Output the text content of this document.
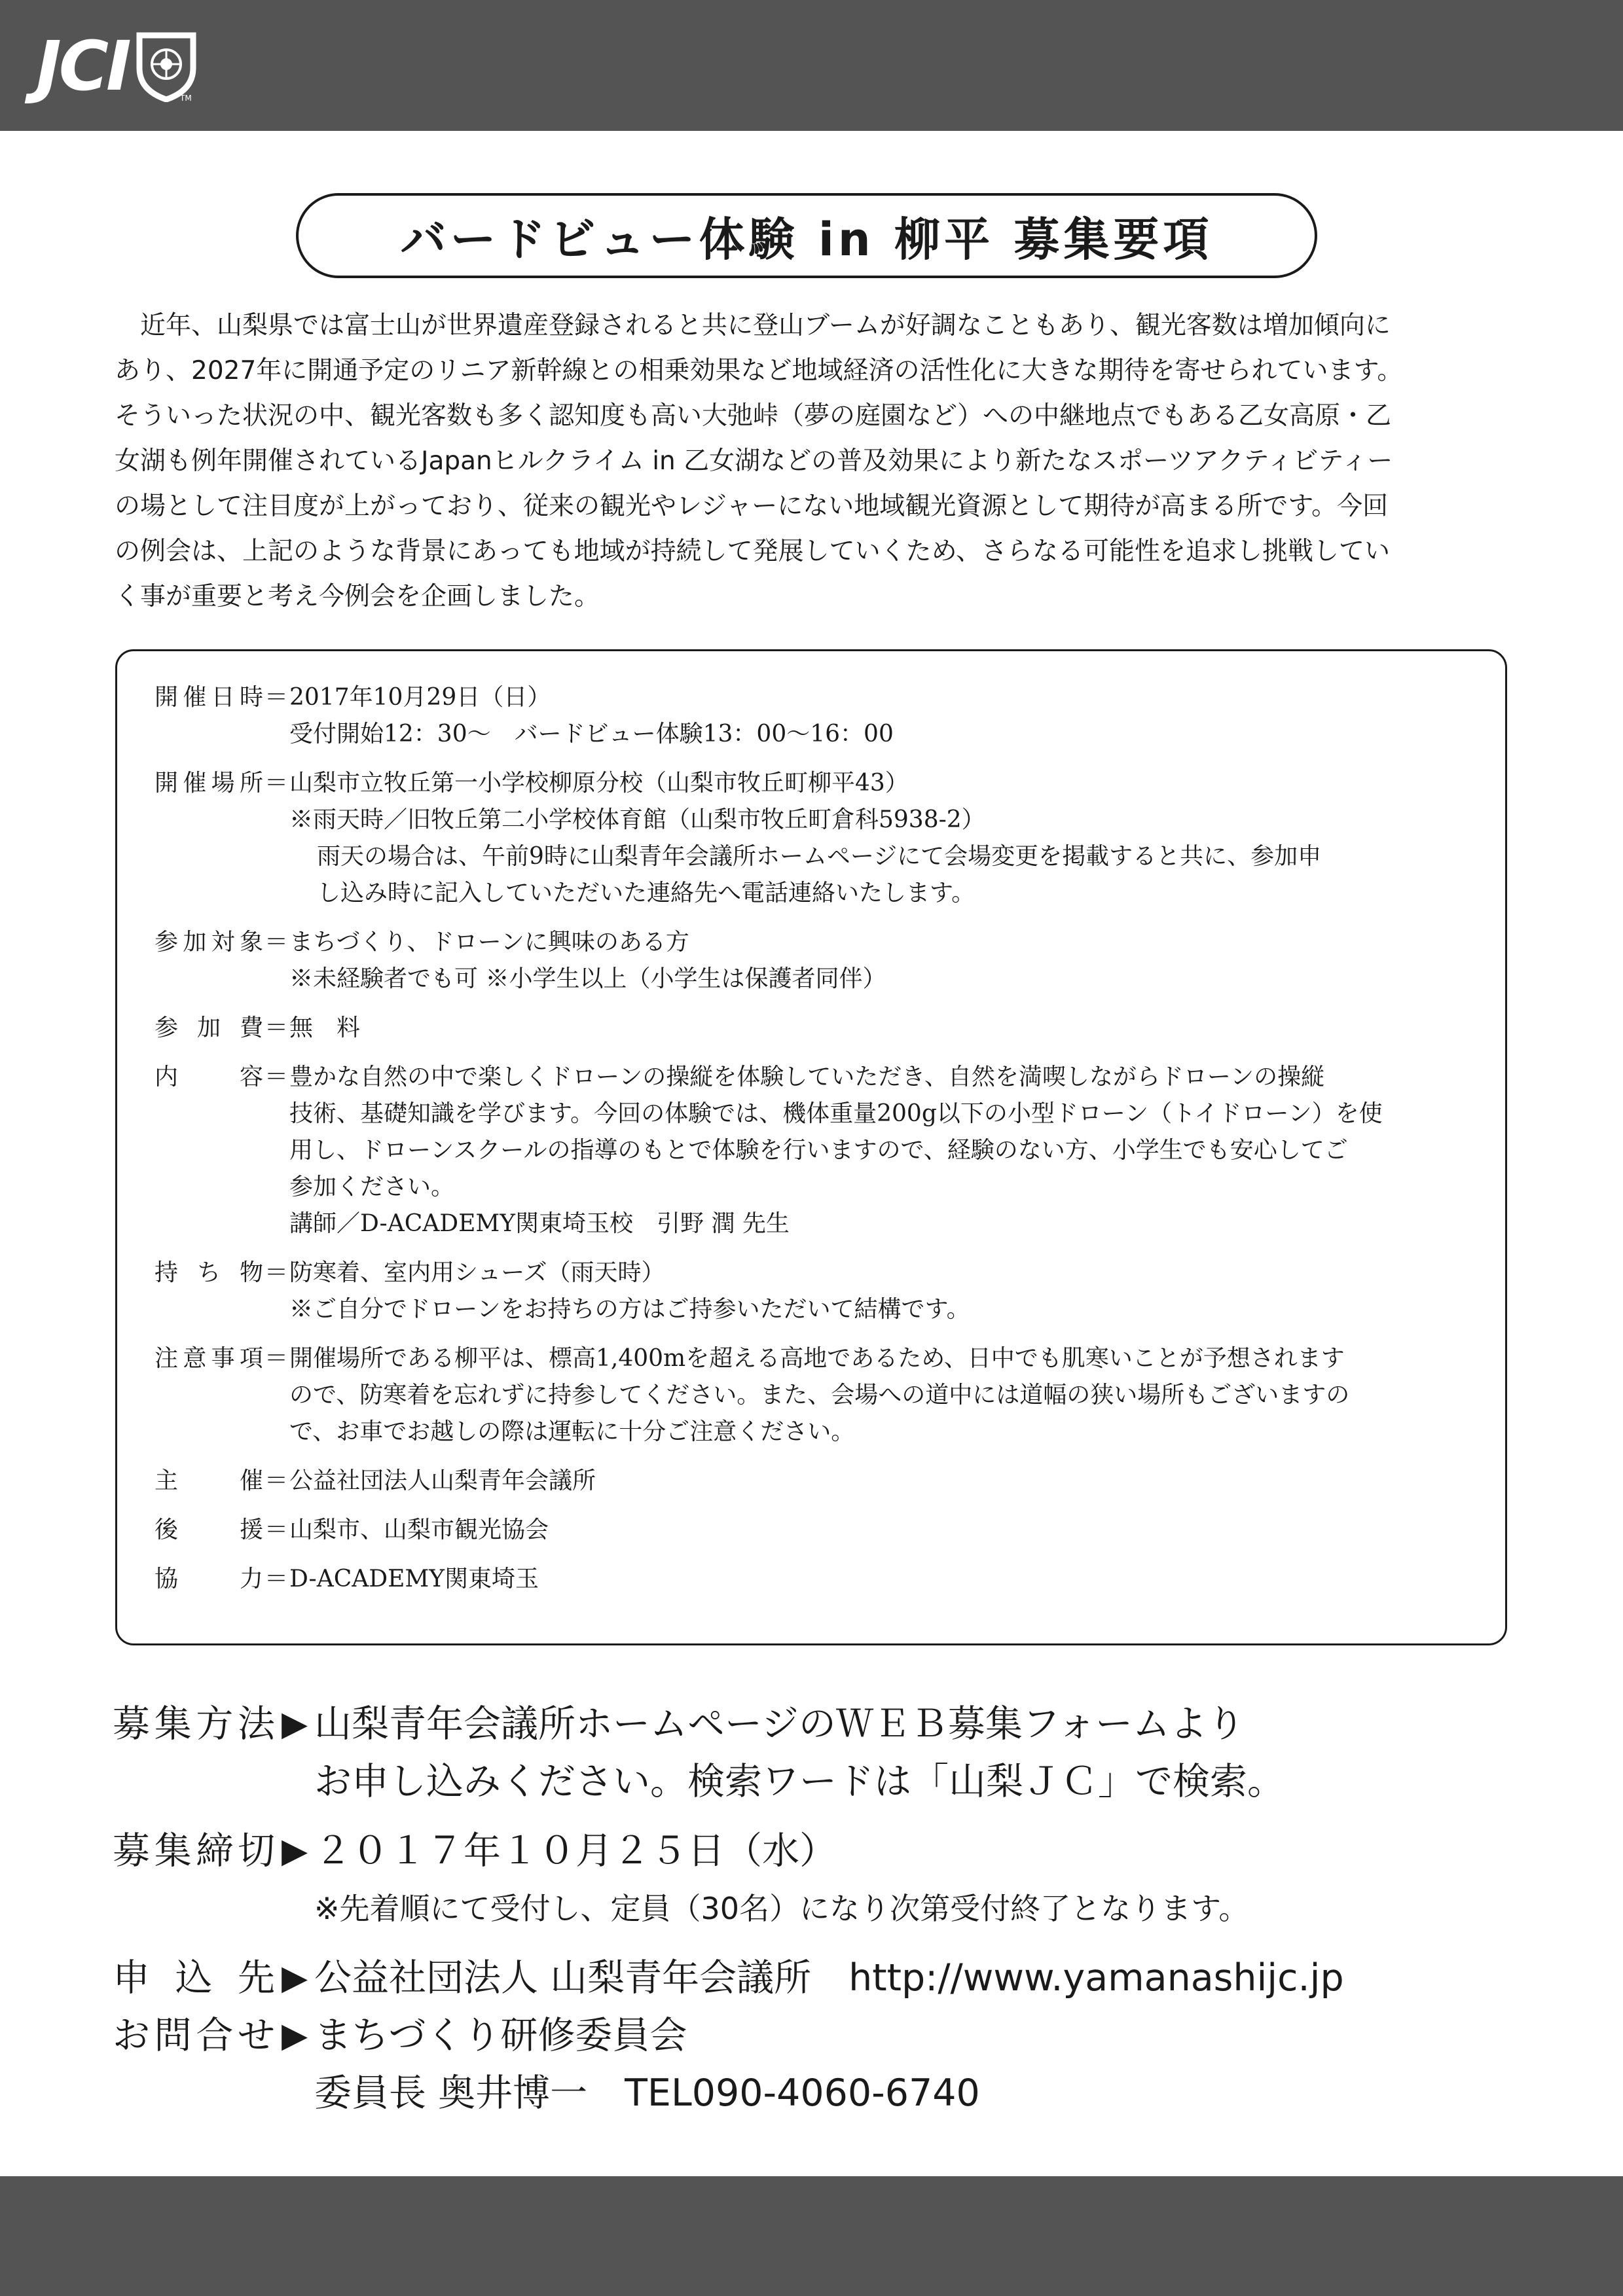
JCI	TM
バードビュー体験 in 柳平 募集要項
　近年、山梨県では富士山が世界遺産登録されると共に登山ブームが好調なこともあり、観光客数は増加傾向に
あり、2027年に開通予定のリニア新幹線との相乗効果など地域経済の活性化に大きな期待を寄せられています。
そういった状況の中、観光客数も多く認知度も高い大弛峠（夢の庭園など）への中継地点でもある乙女高原・乙
女湖も例年開催されているJapanヒルクライム in 乙女湖などの普及効果により新たなスポーツアクティビティー
の場として注目度が上がっており、従来の観光やレジャーにない地域観光資源として期待が高まる所です。今回
の例会は、上記のような背景にあっても地域が持続して発展していくため、さらなる可能性を追求し挑戦してい
く事が重要と考え今例会を企画しました。
開 催 日 時 ＝ 2017年10月29日（日）
受付開始12：30～　バードビュー体験13：00～16：00
開 催 場 所 ＝ 山梨市立牧丘第一小学校柳原分校（山梨市牧丘町柳平43）
※雨天時／旧牧丘第二小学校体育館（山梨市牧丘町倉科5938-2）
雨天の場合は、午前9時に山梨青年会議所ホームページにて会場変更を掲載すると共に、参加申
し込み時に記入していただいた連絡先へ電話連絡いたします。
参 加 対 象 ＝ まちづくり、ドローンに興味のある方
※未経験者でも可 ※小学生以上（小学生は保護者同伴）
参 加 費 ＝ 無　料
内	容 ＝ 豊かな自然の中で楽しくドローンの操縦を体験していただき、自然を満喫しながらドローンの操縦
技術、基礎知識を学びます。今回の体験では、機体重量200g以下の小型ドローン（トイドローン）を使
用し、ドローンスクールの指導のもとで体験を行いますので、経験のない方、小学生でも安心してご
参加ください。
講師／D-ACADEMY関東埼玉校　引野 潤 先生
持 ち 物 ＝ 防寒着、室内用シューズ（雨天時）
※ご自分でドローンをお持ちの方はご持参いただいて結構です。
注 意 事 項 ＝ 開催場所である柳平は、標高1,400mを超える高地であるため、日中でも肌寒いことが予想されます
ので、防寒着を忘れずに持参してください。また、会場への道中には道幅の狭い場所もございますの
で、お車でお越しの際は運転に十分ご注意ください。
主	催 ＝ 公益社団法人山梨青年会議所
後	援 ＝ 山梨市、山梨市観光協会
協	力 ＝ D-ACADEMY関東埼玉
募 集 方 法 ▶ 山梨青年会議所ホームページのＷＥＢ募集フォームより
お申し込みください。検索ワードは「山梨ＪＣ」で検索。
募 集 締 切 ▶ ２０１７年１０月２５日（水）
※先着順にて受付し、定員（30名）になり次第受付終了となります。
申 込 先 ▶ 公益社団法人 山梨青年会議所　http://www.yamanashijc.jp
お 問 合 せ ▶ まちづくり研修委員会
委員長 奥井博一　TEL090-4060-6740
